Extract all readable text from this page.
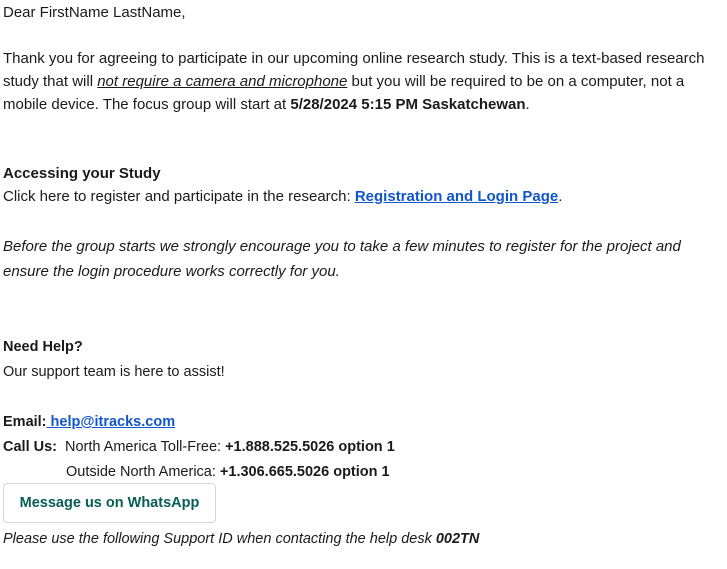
Dear FirstName LastName,
Thank you for agreeing to participate in our upcoming online research study. This is a text-based research
study that will not require a camera and microphone but you will be required to be on a computer, not a
mobile device. The focus group will start at 5/28/2024 5:15 PM Saskatchewan.
Accessing your Study
Click here to register and participate in the research: Registration and Login Page.
Before the group starts we strongly encourage you to take a few minutes to register for the project and
ensure the login procedure works correctly for you.
Need Help?
Our support team is here to assist!
Email: help@itracks.com
Call Us: North America Toll-Free: +1.888.525.5026 option 1
Outside North America: +1.306.665.5026 option 1
Message us on WhatsApp
Please use the following Support ID when contacting the help desk 002TN
